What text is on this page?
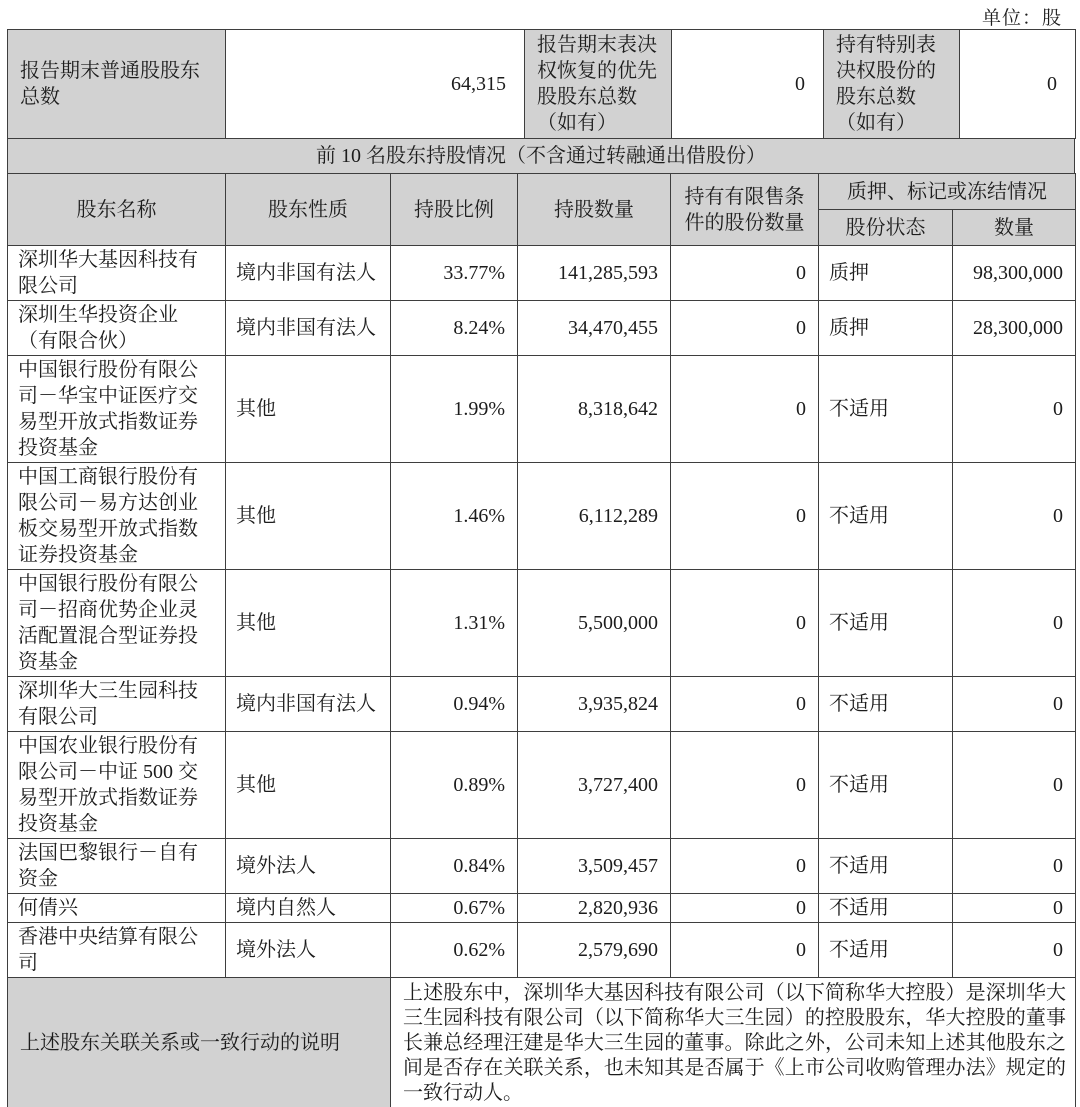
单位：股
报告期末普通股股东总数	64,315	报告期末表决权恢复的优先股股东总数（如有）	0	持有特别表决权股份的股东总数（如有）	0
前 10 名股东持股情况（不含通过转融通出借股份）
股东名称	股东性质	持股比例	持股数量	持有有限售条件的股份数量	质押、标记或冻结情况	
					股份状态	数量
深圳华大基因科技有限公司	境内非国有法人	33.77%	141,285,593	0	质押	98,300,000
深圳生华投资企业（有限合伙）	境内非国有法人	8.24%	34,470,455	0	质押	28,300,000
中国银行股份有限公司－华宝中证医疗交易型开放式指数证券投资基金	其他	1.99%	8,318,642	0	不适用	0
中国工商银行股份有限公司－易方达创业板交易型开放式指数证券投资基金	其他	1.46%	6,112,289	0	不适用	0
中国银行股份有限公司－招商优势企业灵活配置混合型证券投资基金	其他	1.31%	5,500,000	0	不适用	0
深圳华大三生园科技有限公司	境内非国有法人	0.94%	3,935,824	0	不适用	0
中国农业银行股份有限公司－中证 500 交易型开放式指数证券投资基金	其他	0.89%	3,727,400	0	不适用	0
法国巴黎银行－自有资金	境外法人	0.84%	3,509,457	0	不适用	0
何倩兴	境内自然人	0.67%	2,820,936	0	不适用	0
香港中央结算有限公司	境外法人	0.62%	2,579,690	0	不适用	0
上述股东关联关系或一致行动的说明	上述股东中，深圳华大基因科技有限公司（以下简称华大控股）是深圳华大三生园科技有限公司（以下简称华大三生园）的控股股东，华大控股的董事长兼总经理汪建是华大三生园的董事。除此之外，公司未知上述其他股东之间是否存在关联关系，也未知其是否属于《上市公司收购管理办法》规定的一致行动人。
